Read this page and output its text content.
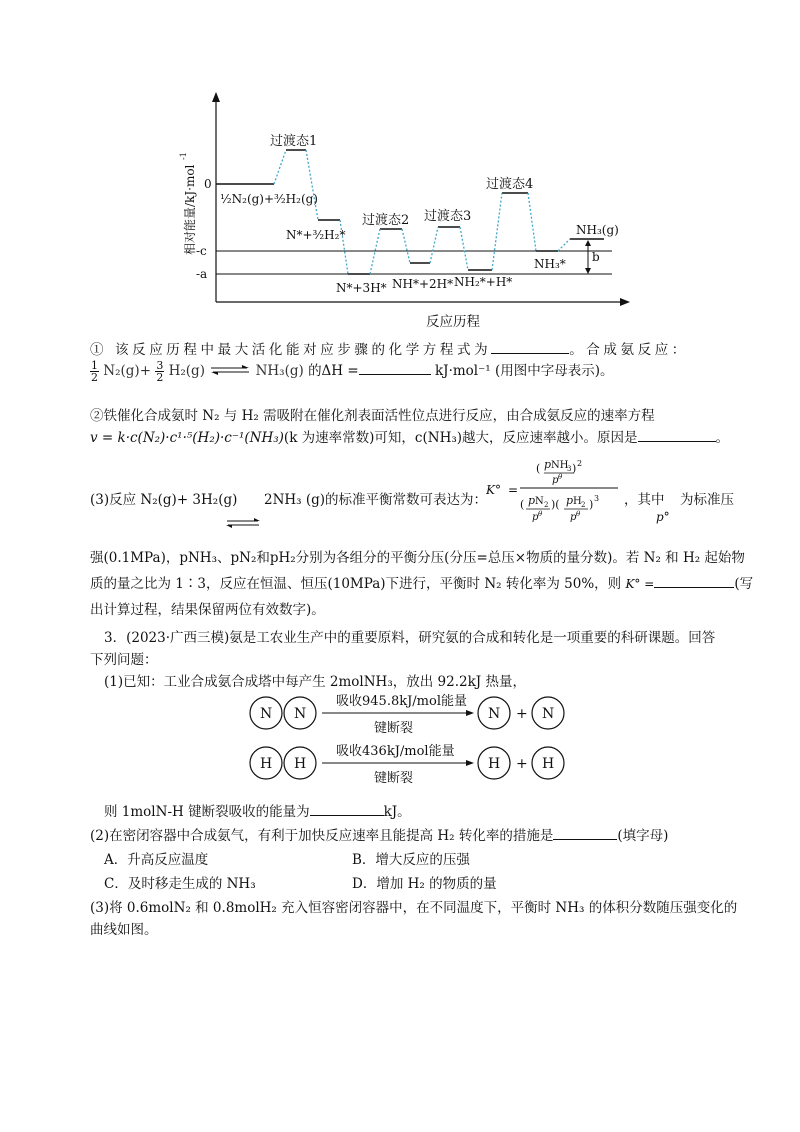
0
-c
-a
相对能量/kJ·mol
-1
b
过渡态1
过渡态2 过渡态3
过渡态4
½N₂(g)+³⁄₂H₂(g)
N*+³⁄₂H₂*
N*+3H* NH*+2H* NH₂*+H*
NH₃*
NH₃(g)
反应历程
① 该反应历程中最大活化能对应步骤的化学方程式为	。合成氨反应：
$\frac{1}{2} N_2(g)+ \frac{3}{2} H_2(g)$ ⇌ NH₃(g) 的ΔH =	kJ·mol⁻¹ (用图中字母表示)。
②铁催化合成氨时 N₂ 与 H₂ 需吸附在催化剂表面活性位点进行反应，由合成氨反应的速率方程
v = k·c(N₂)·c¹·⁵(H₂)·c⁻¹(NH₃)(k 为速率常数)可知，c(NH₃)越大，反应速率越小。原因是	。
(3)反应 N₂(g)+ 3H₂(g) 2NH₃ (g)的标准平衡常数可表达为：
K° =
( p NH
3 ) 2
p θ
( p N 2
p θ
)( p H 2
p θ
) 3 ，其中 为标准压
p°
强(0.1MPa)，pNH₃、pN₂和pH₂分别为各组分的平衡分压(分压=总压×物质的量分数)。若 N₂ 和 H₂ 起始物
质的量之比为 1∶3，反应在恒温、恒压(10MPa)下进行，平衡时 N₂ 转化率为 50%，则 K° =	(写
出计算过程，结果保留两位有效数字)。
3．(2023·广西三模)氨是工农业生产中的重要原料，研究氨的合成和转化是一项重要的科研课题。回答
下列问题：
(1)已知：工业合成氨合成塔中每产生 2molNH₃，放出 92.2kJ 热量，
N N
吸收945.8kJ/mol能量
键断裂
N + N
H H
吸收436kJ/mol能量
键断裂
H + H
则 1molN-H 键断裂吸收的能量为	kJ。
(2)在密闭容器中合成氨气，有利于加快反应速率且能提高 H₂ 转化率的措施是	(填字母)
A．升高反应温度	B．增大反应的压强
C．及时移走生成的 NH₃	D．增加 H₂ 的物质的量
(3)将 0.6molN₂ 和 0.8molH₂ 充入恒容密闭容器中，在不同温度下，平衡时 NH₃ 的体积分数随压强变化的
曲线如图。
